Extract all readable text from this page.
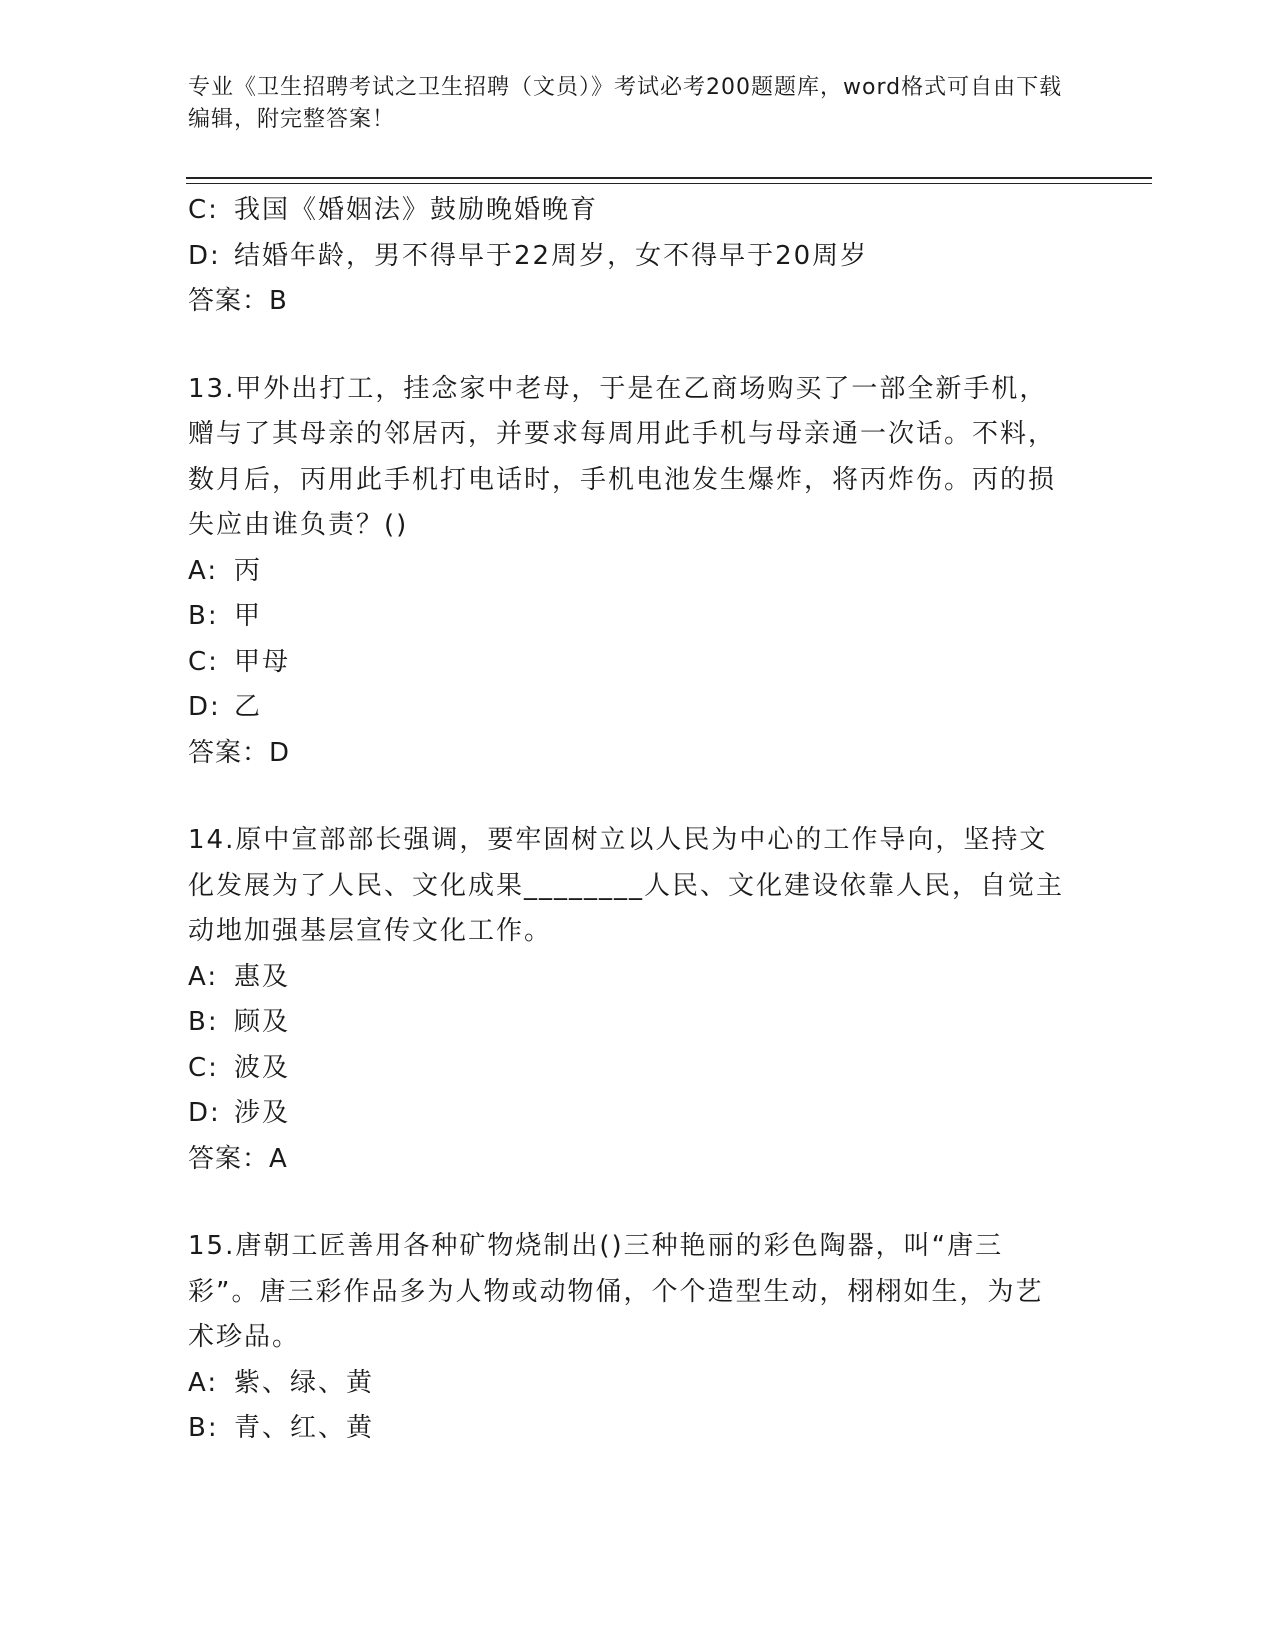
专业《卫生招聘考试之卫生招聘（文员）》考试必考200题题库，word格式可自由下载编辑，附完整答案！
C: 我国《婚姻法》鼓励晚婚晚育
D: 结婚年龄，男不得早于22周岁，女不得早于20周岁
答案：B
13.甲外出打工，挂念家中老母，于是在乙商场购买了一部全新手机，赠与了其母亲的邻居丙，并要求每周用此手机与母亲通一次话。不料，数月后，丙用此手机打电话时，手机电池发生爆炸，将丙炸伤。丙的损失应由谁负责？()
A: 丙
B: 甲
C: 甲母
D: 乙
答案：D
14.原中宣部部长强调，要牢固树立以人民为中心的工作导向，坚持文化发展为了人民、文化成果________人民、文化建设依靠人民，自觉主动地加强基层宣传文化工作。
A: 惠及
B: 顾及
C: 波及
D: 涉及
答案：A
15.唐朝工匠善用各种矿物烧制出()三种艳丽的彩色陶器，叫“唐三彩”。唐三彩作品多为人物或动物俑，个个造型生动，栩栩如生，为艺术珍品。
A: 紫、绿、黄
B: 青、红、黄
